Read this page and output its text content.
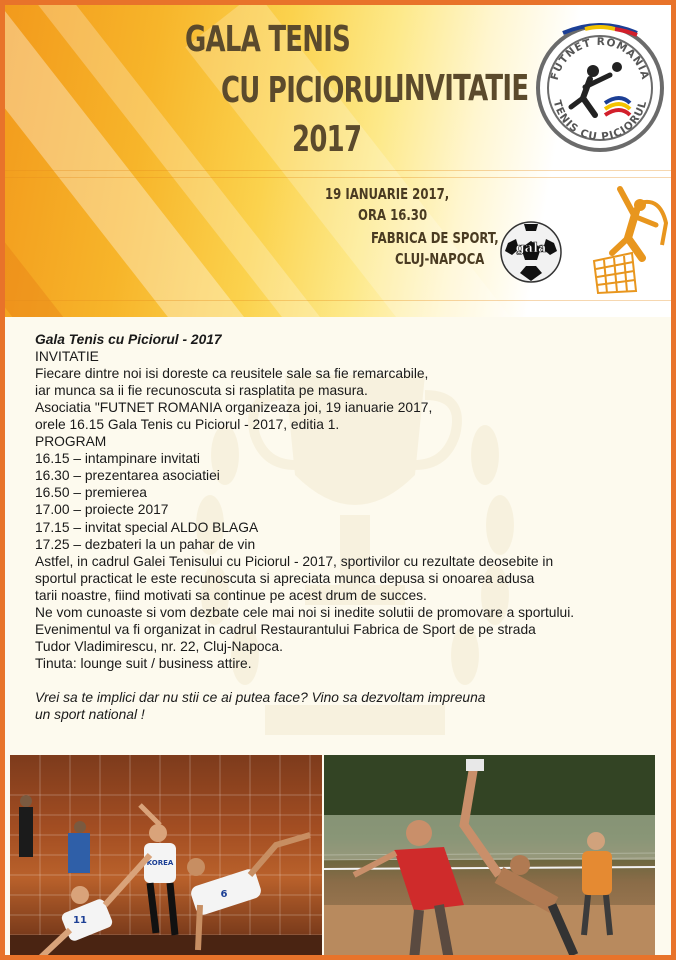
GALA TENIS
CU PICIORUL
2017
INVITATIE
19 IANUARIE 2017,
ORA 16.30
FABRICA DE SPORT,
CLUJ-NAPOCA
FUTNET ROMANIA
TENIS CU PICIORUL
gala
Gala Tenis cu Piciorul - 2017
INVITATIE
Fiecare dintre noi isi doreste ca reusitele sale sa fie remarcabile,
iar munca sa ii fie recunoscuta si rasplatita pe masura.
Asociatia "FUTNET ROMANIA organizeaza joi, 19 ianuarie 2017,
orele 16.15 Gala Tenis cu Piciorul - 2017, editia 1.
PROGRAM
16.15 – intampinare invitati
16.30 – prezentarea asociatiei
16.50 – premierea
17.00 – proiecte 2017
17.15 – invitat special ALDO BLAGA
17.25 – dezbateri la un pahar de vin
Astfel, in cadrul Galei Tenisului cu Piciorul - 2017, sportivilor cu rezultate deosebite in
sportul practicat le este recunoscuta si apreciata munca depusa si onoarea adusa
tarii noastre, fiind motivati sa continue pe acest drum de succes.
Ne vom cunoaste si vom dezbate cele mai noi si inedite solutii de promovare a sportului.
Evenimentul va fi organizat in cadrul Restaurantului Fabrica de Sport de pe strada
Tudor Vladimirescu, nr. 22, Cluj-Napoca.
Tinuta: lounge suit / business attire.
Vrei sa te implici dar nu stii ce ai putea face? Vino sa dezvoltam impreuna
un sport national !
KOREA
6
11
